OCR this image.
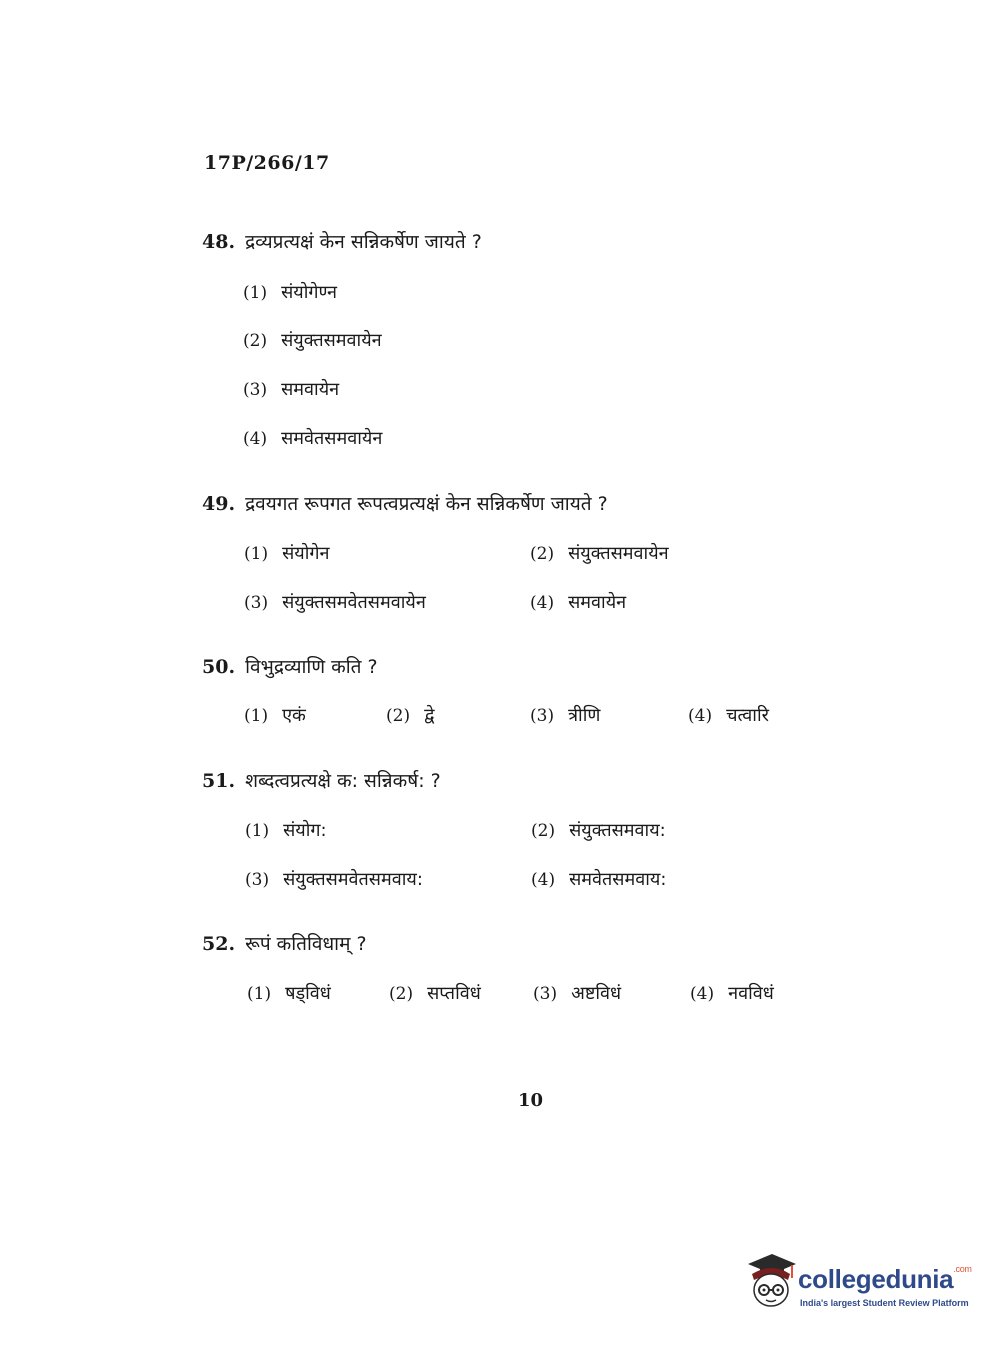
17P/266/17
48. द्रव्यप्रत्यक्षं केन सन्निकर्षेण जायते ?
(1) संयोगेण्न
(2) संयुक्तसमवायेन
(3) समवायेन
(4) समवेतसमवायेन
49. द्रवयगत रूपगत रूपत्वप्रत्यक्षं केन सन्निकर्षेण जायते ?
(1) संयोगेन	(2) संयुक्तसमवायेन
(3) संयुक्तसमवेतसमवायेन	(4) समवायेन
50. विभुद्रव्याणि कति ?
(1) एकं	(2) द्वे	(3) त्रीणि	(4) चत्वारि
51. शब्दत्वप्रत्यक्षे क: सन्निकर्ष: ?
(1) संयोग:	(2) संयुक्तसमवाय:
(3) संयुक्तसमवेतसमवाय:	(4) समवेतसमवाय:
52. रूपं कतिविधाम् ?
(1) षड्विधं	(2) सप्तविधं	(3) अष्टविधं	(4) नवविधं
10
collegedunia$^{.com}$
India's largest Student Review Platform
